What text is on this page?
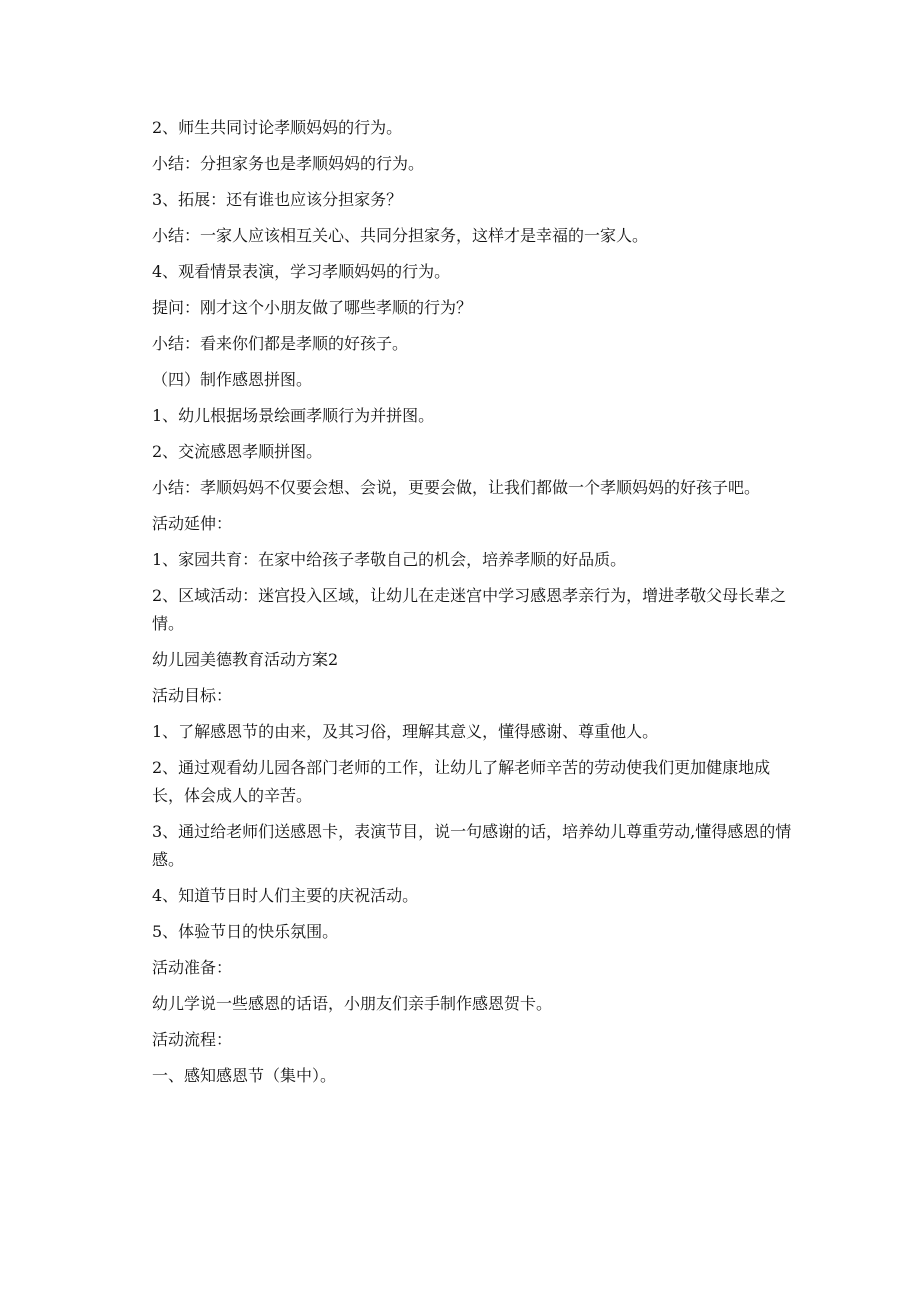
2、师生共同讨论孝顺妈妈的行为。

小结：分担家务也是孝顺妈妈的行为。

3、拓展：还有谁也应该分担家务？

小结：一家人应该相互关心、共同分担家务，这样才是幸福的一家人。

4、观看情景表演，学习孝顺妈妈的行为。

提问：刚才这个小朋友做了哪些孝顺的行为？

小结：看来你们都是孝顺的好孩子。

（四）制作感恩拼图。

1、幼儿根据场景绘画孝顺行为并拼图。

2、交流感恩孝顺拼图。

小结：孝顺妈妈不仅要会想、会说，更要会做，让我们都做一个孝顺妈妈的好孩子吧。

活动延伸：

1、家园共育：在家中给孩子孝敬自己的机会，培养孝顺的好品质。

2、区域活动：迷宫投入区域，让幼儿在走迷宫中学习感恩孝亲行为，增进孝敬父母长辈之情。

幼儿园美德教育活动方案2

活动目标：

1、了解感恩节的由来，及其习俗，理解其意义，懂得感谢、尊重他人。

2、通过观看幼儿园各部门老师的工作，让幼儿了解老师辛苦的劳动使我们更加健康地成长，体会成人的辛苦。

3、通过给老师们送感恩卡，表演节目，说一句感谢的话，培养幼儿尊重劳动,懂得感恩的情感。

4、知道节日时人们主要的庆祝活动。

5、体验节日的快乐氛围。

活动准备：

幼儿学说一些感恩的话语，小朋友们亲手制作感恩贺卡。

活动流程：

一、感知感恩节（集中）。
